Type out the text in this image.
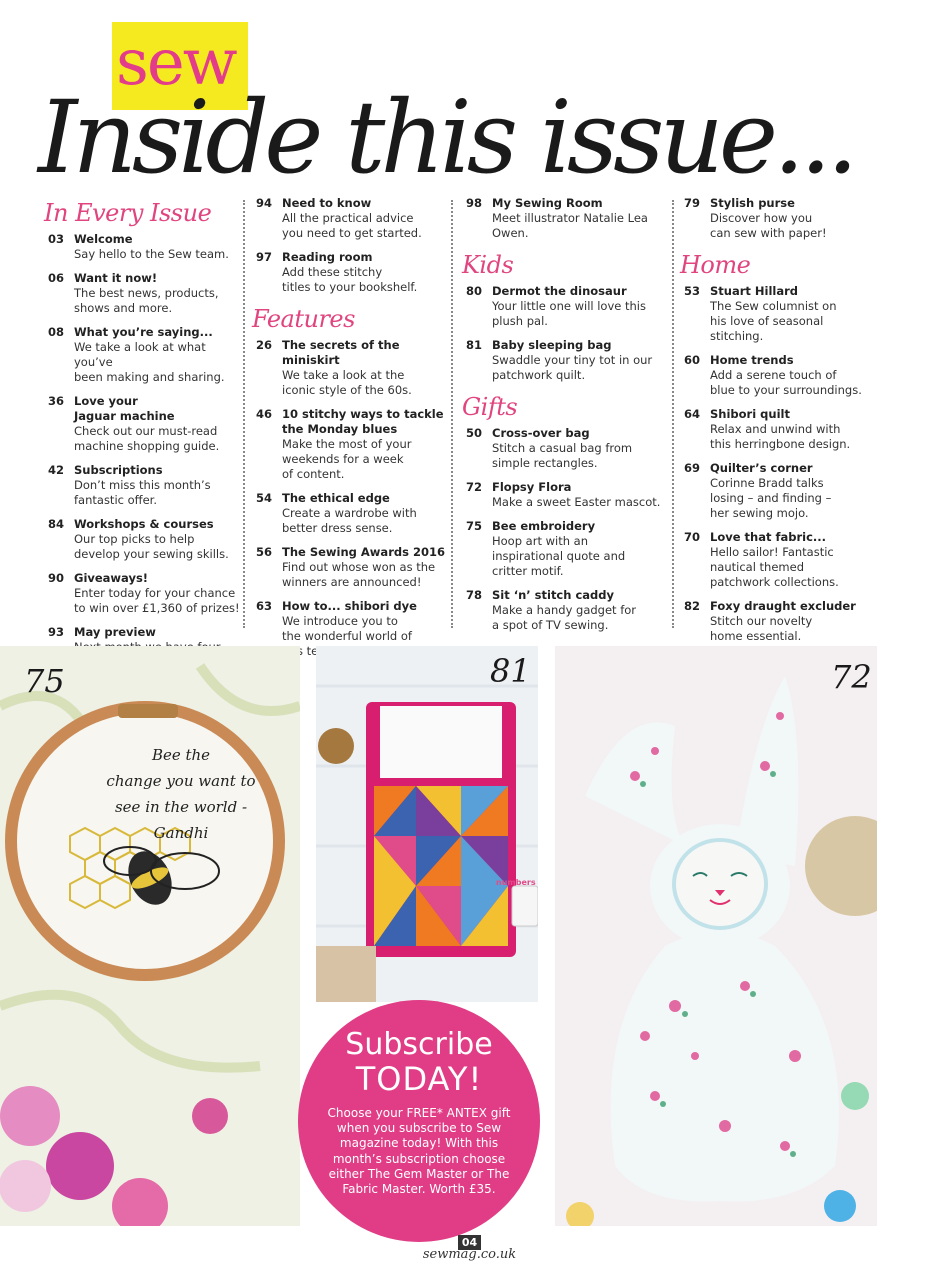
sew
Inside this issue...
In Every Issue
03 Welcome
Say hello to the Sew team.
06 Want it now!
The best news, products,
shows and more.
08 What you’re saying...
We take a look at what you’ve
been making and sharing.
36 Love your
Jaguar machine
Check out our must-read
machine shopping guide.
42 Subscriptions
Don’t miss this month’s
fantastic offer.
84 Workshops & courses
Our top picks to help
develop your sewing skills.
90 Giveaways!
Enter today for your chance
to win over £1,360 of prizes!
93 May preview
94 Need to know
All the practical advice
you need to get started.
97 Reading room
Add these stitchy
titles to your bookshelf.
Features
26 The secrets of the miniskirt
We take a look at the
iconic style of the 60s.
46 10 stitchy ways to tackle
the Monday blues
Make the most of your
weekends for a week
of content.
54 The ethical edge
Create a wardrobe with
better dress sense.
56 The Sewing Awards 2016
Find out whose won as the
winners are announced!
63 How to... shibori dye
We introduce you to
the wonderful world of

98 My Sewing Room
Meet illustrator Natalie Lea Owen.
Kids
80 Dermot the dinosaur
Your little one will love this
plush pal.
81 Baby sleeping bag
Swaddle your tiny tot in our
patchwork quilt.
Gifts
50 Cross-over bag
Stitch a casual bag from
simple rectangles.
72 Flopsy Flora
Make a sweet Easter mascot.
75 Bee embroidery
Hoop art with an
inspirational quote and
critter motif.
78 Sit ‘n’ stitch caddy
Make a handy gadget for
a spot of TV sewing.
79 Stylish purse
Discover how you
can sew with paper!
Home
53 Stuart Hillard
The Sew columnist on
his love of seasonal stitching.
60 Home trends
Add a serene touch of
blue to your surroundings.
64 Shibori quilt
Relax and unwind with
this herringbone design.
69 Quilter’s corner
Corinne Bradd talks
losing – and finding –
her sewing mojo.
70 Love that fabric...
Hello sailor! Fantastic
nautical themed
patchwork collections.
82 Foxy draught excluder
Stitch our novelty
home essential.
Bee the
change you want to
see in the world -Gandhi
75
numbers
81	72
Subscribe
TODAY!
Choose your FREE* ANTEX gift when you subscribe to Sew magazine today! With this month’s subscription choose either The Gem Master or The Fabric Master. Worth £35.
04
sewmag.co.uk
